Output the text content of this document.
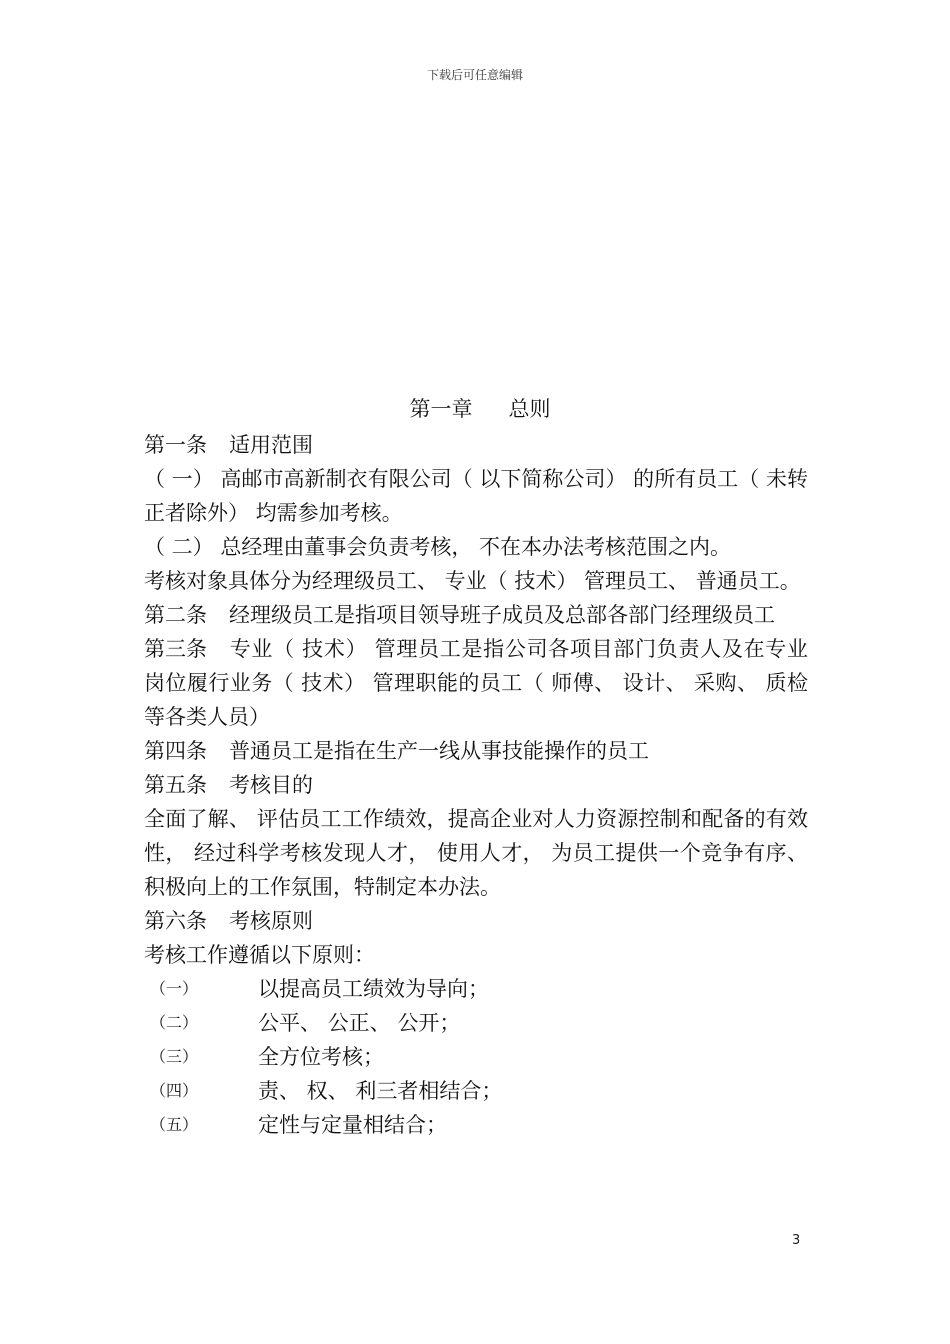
下载后可任意编辑
第一章 总则

第一条 适用范围

（ 一） 高邮市高新制衣有限公司（ 以下简称公司） 的所有员工（ 未转正者除外） 均需参加考核。

（ 二） 总经理由董事会负责考核， 不在本办法考核范围之内。

考核对象具体分为经理级员工、 专业（ 技术） 管理员工、 普通员工。

第二条 经理级员工是指项目领导班子成员及总部各部门经理级员工

第三条 专业（ 技术） 管理员工是指公司各项目部门负责人及在专业岗位履行业务（ 技术） 管理职能的员工（ 师傅、 设计、 采购、 质检等各类人员）

第四条 普通员工是指在生产一线从事技能操作的员工

第五条 考核目的

全面了解、 评估员工工作绩效，提高企业对人力资源控制和配备的有效性， 经过科学考核发现人才， 使用人才， 为员工提供一个竞争有序、 积极向上的工作氛围，特制定本办法。

第六条 考核原则

考核工作遵循以下原则：

（一）	以提高员工绩效为导向；
（二）	公平、 公正、 公开；
（三）	全方位考核；
（四）	责、 权、 利三者相结合；
（五）	定性与定量相结合；
3
